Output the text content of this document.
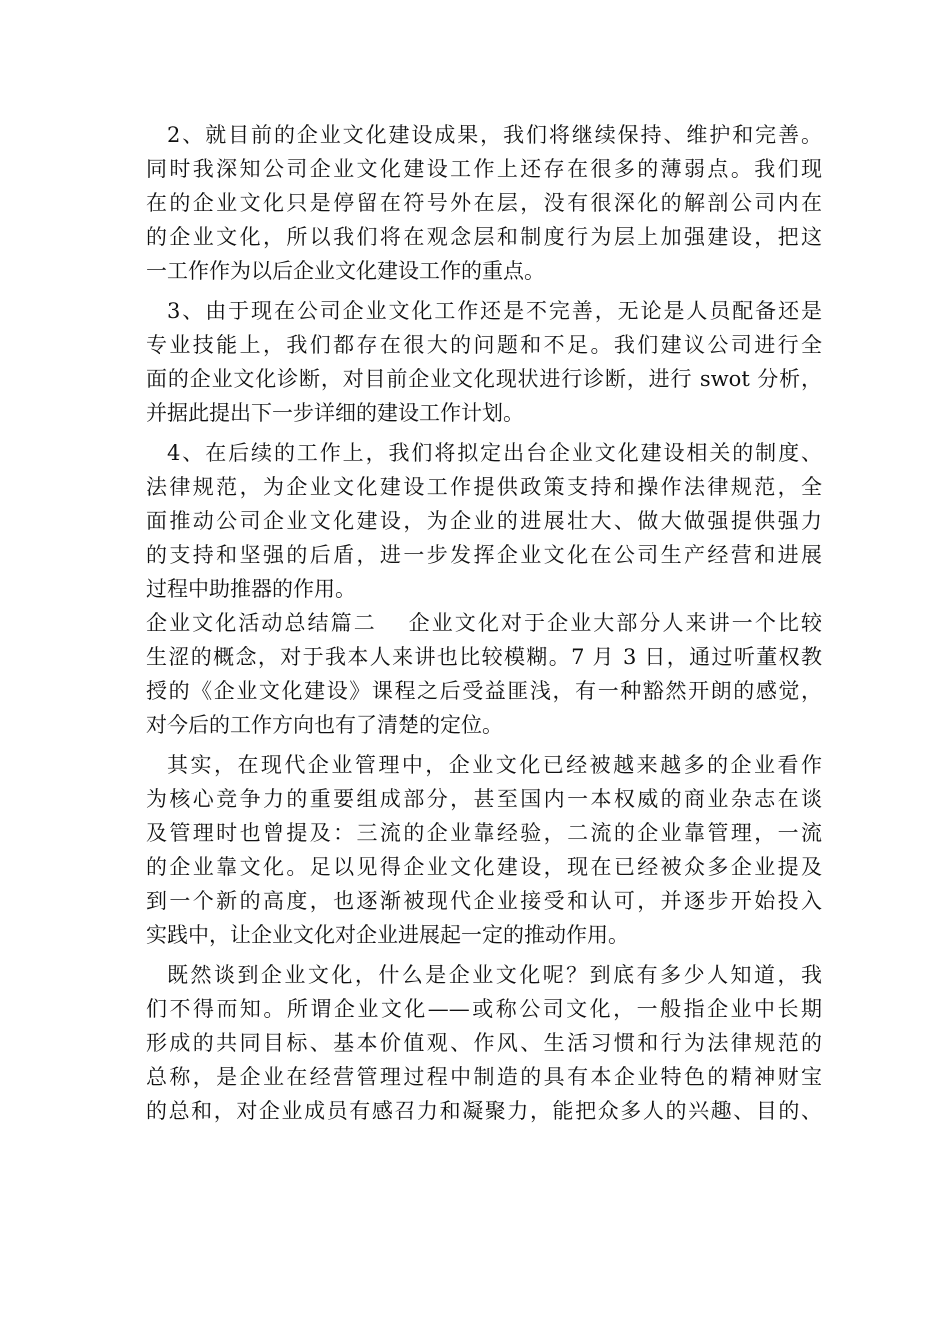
2、就目前的企业文化建设成果，我们将继续保持、维护和完善。
同时我深知公司企业文化建设工作上还存在很多的薄弱点。我们现
在的企业文化只是停留在符号外在层，没有很深化的解剖公司内在
的企业文化，所以我们将在观念层和制度行为层上加强建设，把这
一工作作为以后企业文化建设工作的重点。
3、由于现在公司企业文化工作还是不完善，无论是人员配备还是
专业技能上，我们都存在很大的问题和不足。我们建议公司进行全
面的企业文化诊断，对目前企业文化现状进行诊断，进行 swot 分析，
并据此提出下一步详细的建设工作计划。
4、在后续的工作上，我们将拟定出台企业文化建设相关的制度、
法律规范，为企业文化建设工作提供政策支持和操作法律规范，全
面推动公司企业文化建设，为企业的进展壮大、做大做强提供强力
的支持和坚强的后盾，进一步发挥企业文化在公司生产经营和进展
过程中助推器的作用。
企业文化活动总结篇二　 企业文化对于企业大部分人来讲一个比较
生涩的概念，对于我本人来讲也比较模糊。7 月 3 日，通过听董权教
授的《企业文化建设》课程之后受益匪浅，有一种豁然开朗的感觉，
对今后的工作方向也有了清楚的定位。
其实，在现代企业管理中，企业文化已经被越来越多的企业看作
为核心竞争力的重要组成部分，甚至国内一本权威的商业杂志在谈
及管理时也曾提及：三流的企业靠经验，二流的企业靠管理，一流
的企业靠文化。足以见得企业文化建设，现在已经被众多企业提及
到一个新的高度，也逐渐被现代企业接受和认可，并逐步开始投入
实践中，让企业文化对企业进展起一定的推动作用。
既然谈到企业文化，什么是企业文化呢？到底有多少人知道，我
们不得而知。所谓企业文化——或称公司文化，一般指企业中长期
形成的共同目标、基本价值观、作风、生活习惯和行为法律规范的
总称，是企业在经营管理过程中制造的具有本企业特色的精神财宝
的总和，对企业成员有感召力和凝聚力，能把众多人的兴趣、目的、
